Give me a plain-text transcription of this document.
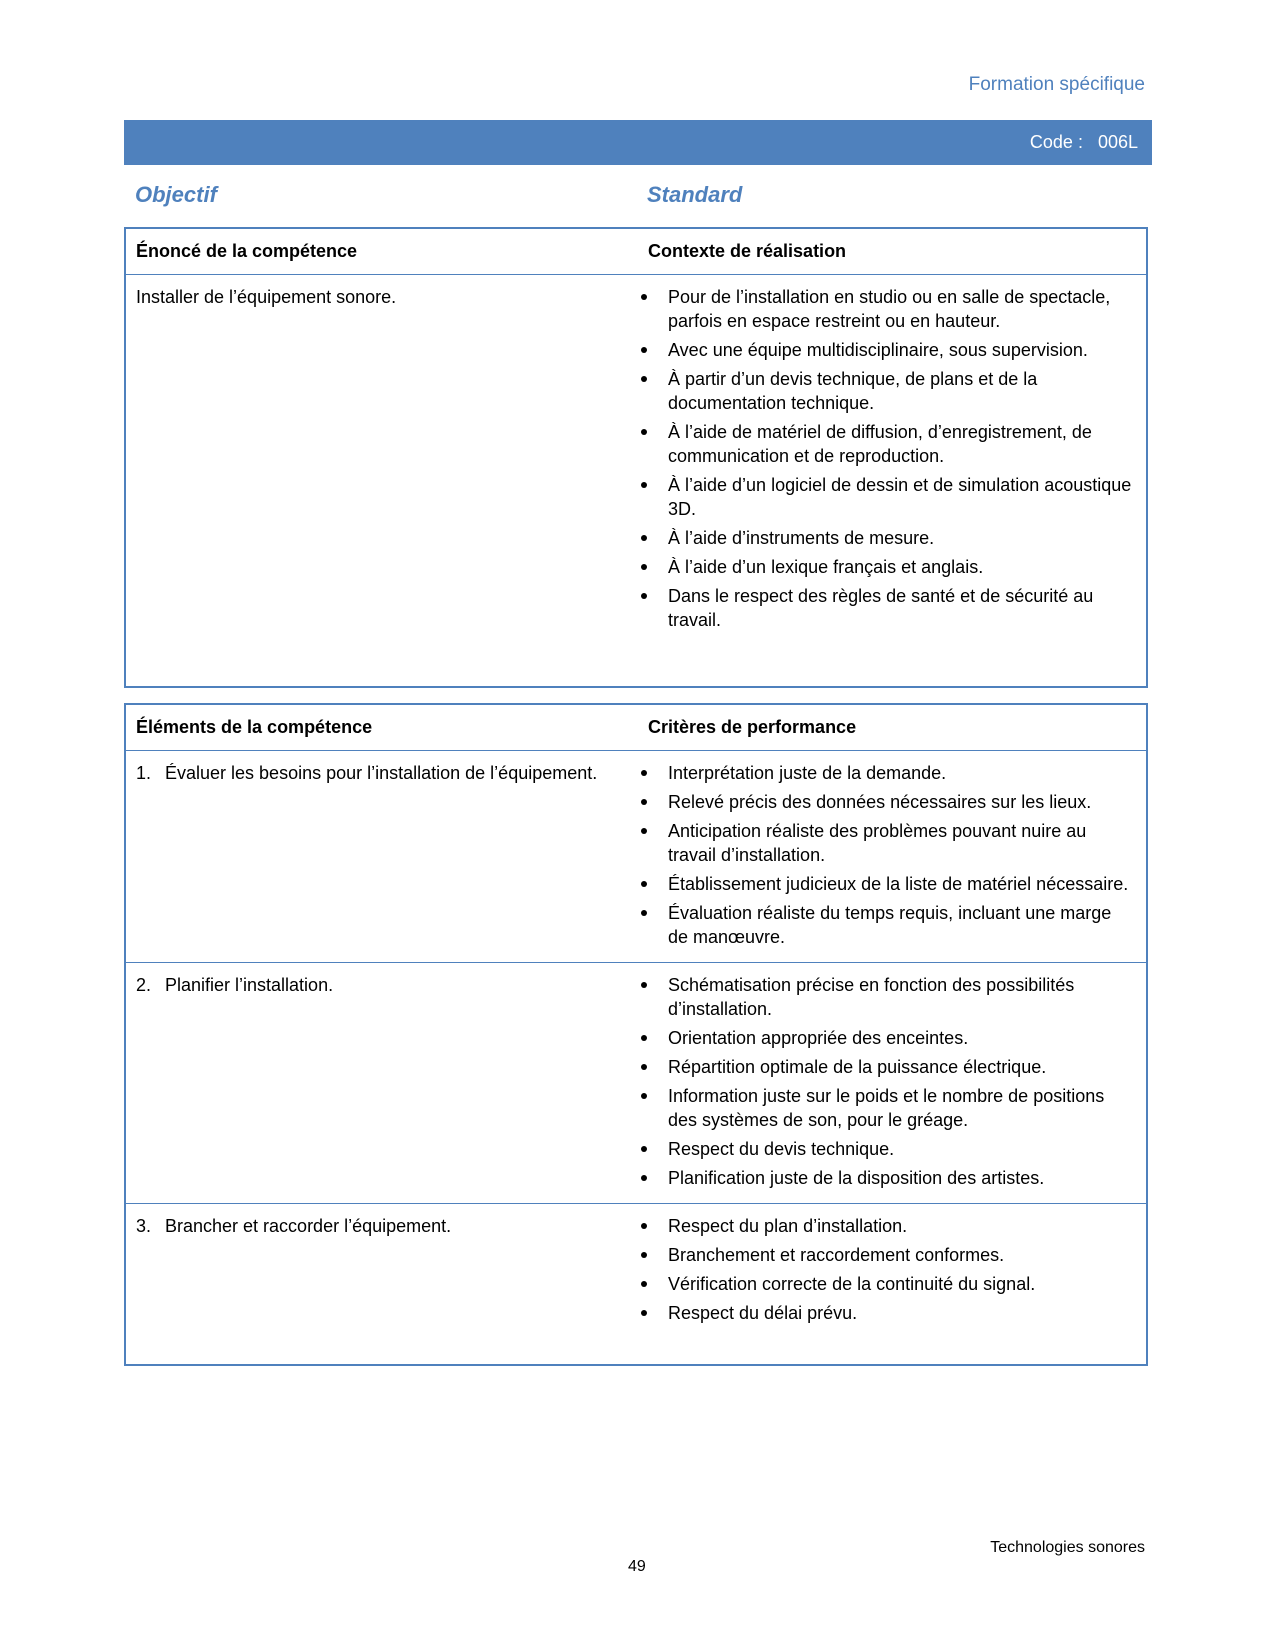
Formation spécifique
Code :   006L
Objectif	Standard
Énoncé de la compétence	Contexte de réalisation
Installer de l’équipement sonore.	Pour de l’installation en studio ou en salle de spectacle, parfois en espace restreint ou en hauteur.
Avec une équipe multidisciplinaire, sous supervision.
À partir d’un devis technique, de plans et de la documentation technique.
À l’aide de matériel de diffusion, d’enregistrement, de communication et de reproduction.
À l’aide d’un logiciel de dessin et de simulation acoustique 3D.
À l’aide d’instruments de mesure.
À l’aide d’un lexique français et anglais.
Dans le respect des règles de santé et de sécurité au travail.
Éléments de la compétence	Critères de performance
1. Évaluer les besoins pour l’installation de l’équipement.	Interprétation juste de la demande.
Relevé précis des données nécessaires sur les lieux.
Anticipation réaliste des problèmes pouvant nuire au travail d’installation.
Établissement judicieux de la liste de matériel nécessaire.
Évaluation réaliste du temps requis, incluant une marge de manœuvre.
2. Planifier l’installation.	Schématisation précise en fonction des possibilités d’installation.
Orientation appropriée des enceintes.
Répartition optimale de la puissance électrique.
Information juste sur le poids et le nombre de positions des systèmes de son, pour le gréage.
Respect du devis technique.
Planification juste de la disposition des artistes.
3. Brancher et raccorder l’équipement.	Respect du plan d’installation.
Branchement et raccordement conformes.
Vérification correcte de la continuité du signal.
Respect du délai prévu.
Technologies sonores
49
